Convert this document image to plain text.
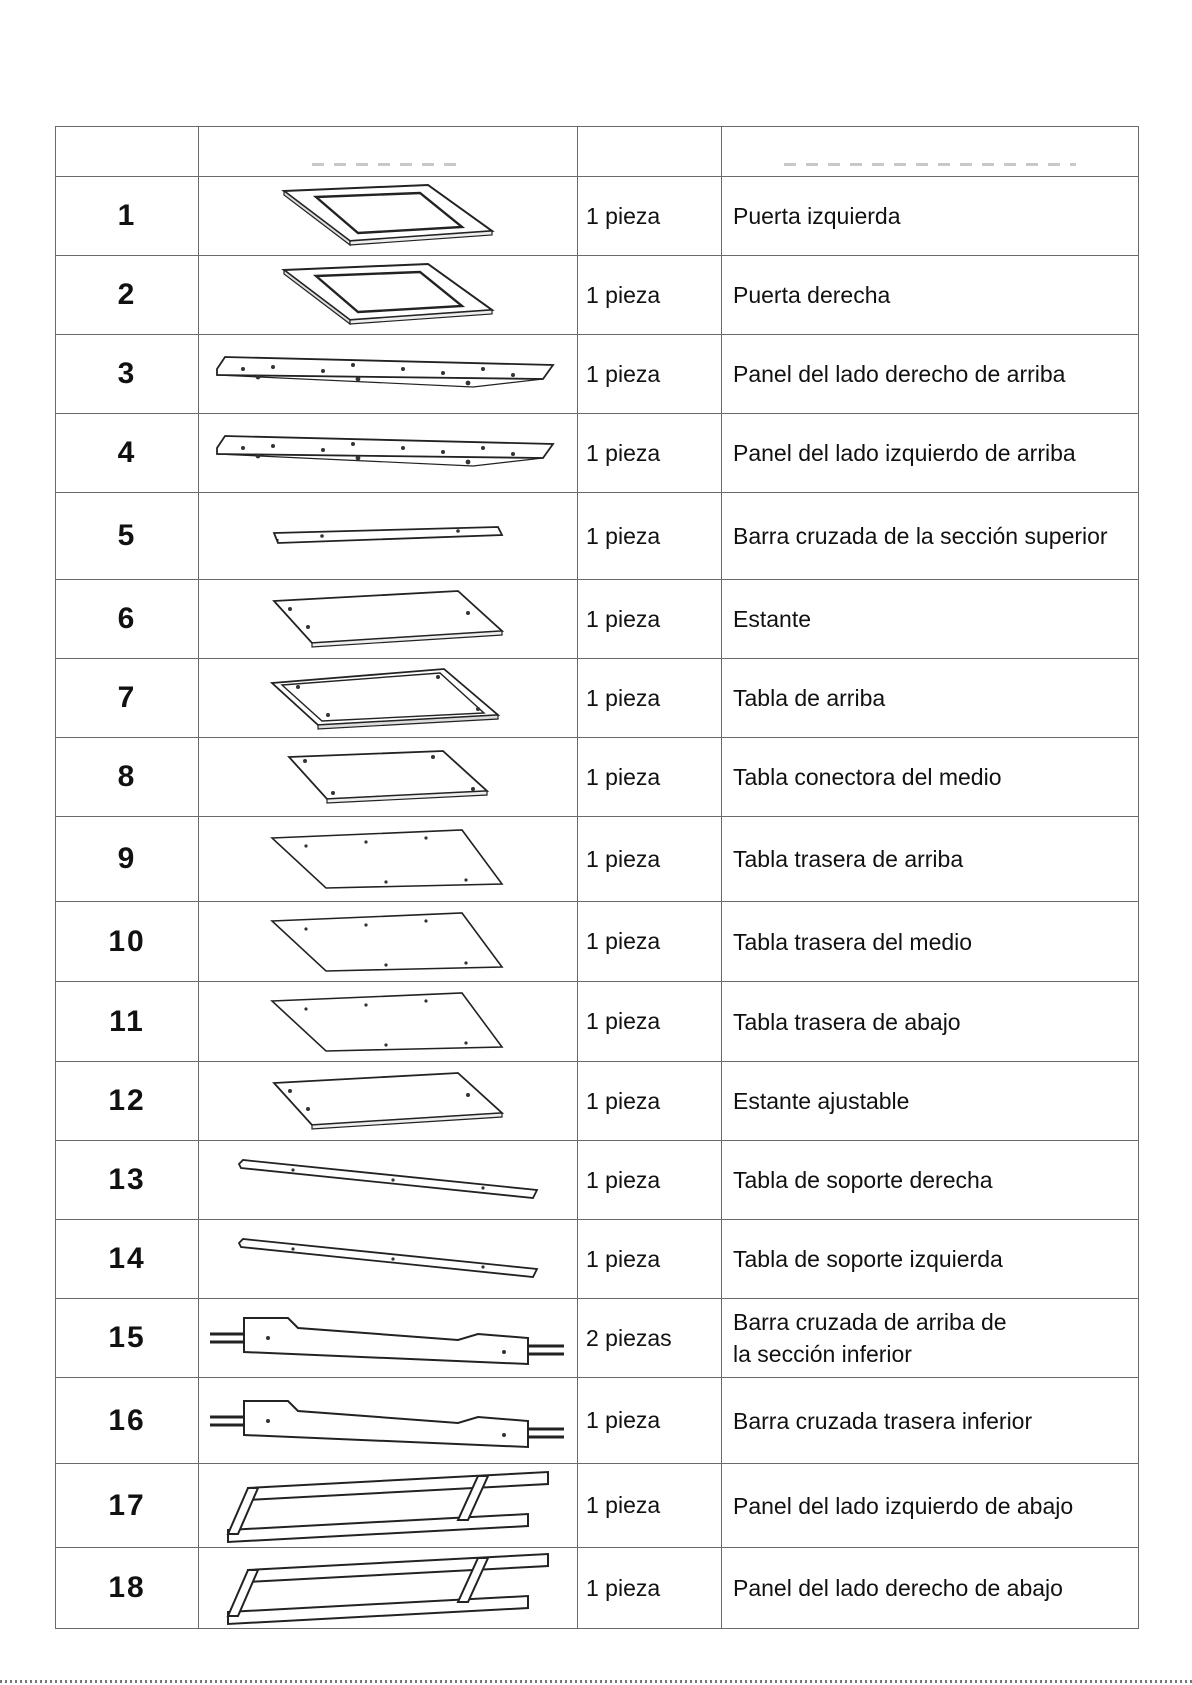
1		1 pieza	Puerta izquierda
2		1 pieza	Puerta derecha
3		1 pieza	Panel del lado derecho de arriba
4		1 pieza	Panel del lado izquierdo de arriba
5		1 pieza	Barra cruzada de la sección superior
6		1 pieza	Estante
7		1 pieza	Tabla de arriba
8		1 pieza	Tabla conectora del medio
9		1 pieza	Tabla trasera de arriba
10		1 pieza	Tabla trasera del medio
11		1 pieza	Tabla trasera de abajo
12		1 pieza	Estante ajustable
13		1 pieza	Tabla de soporte derecha
14		1 pieza	Tabla de soporte izquierda
15		2 piezas	Barra cruzada de arriba de
la sección inferior
16		1 pieza	Barra cruzada trasera inferior
17		1 pieza	Panel del lado izquierdo de abajo
18		1 pieza	Panel del lado derecho de abajo
